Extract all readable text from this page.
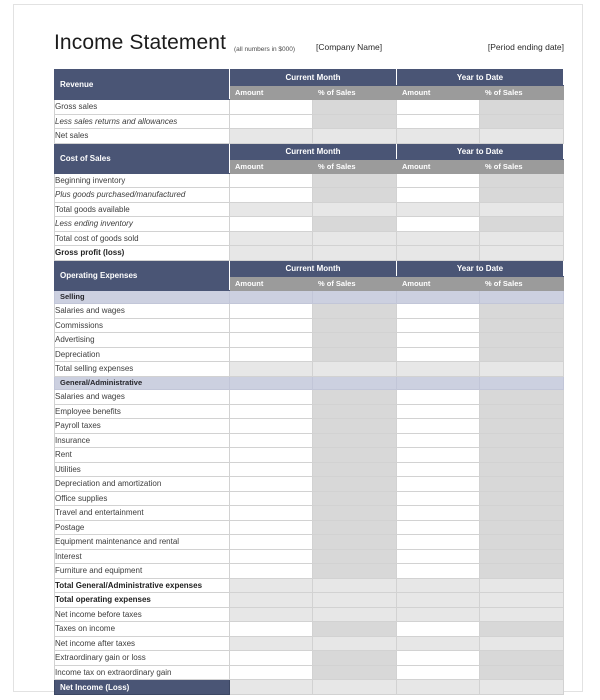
Income Statement (all numbers in $000) [Company Name]	[Period ending date]
Revenue	Current Month		Year to Date	
	Amount	% of Sales	Amount	% of Sales
Gross sales				
Less sales returns and allowances				
Net sales				
Cost of Sales	Current Month		Year to Date	
	Amount	% of Sales	Amount	% of Sales
Beginning inventory				
Plus goods purchased/manufactured				
Total goods available				
Less ending inventory				
Total cost of goods sold				
Gross profit (loss)				
Operating Expenses	Current Month		Year to Date	
	Amount	% of Sales	Amount	% of Sales
Selling				
Salaries and wages				
Commissions				
Advertising				
Depreciation				
Total selling expenses				
General/Administrative				
Salaries and wages				
Employee benefits				
Payroll taxes				
Insurance				
Rent				
Utilities				
Depreciation and amortization				
Office supplies				
Travel and entertainment				
Postage				
Equipment maintenance and rental				
Interest				
Furniture and equipment				
Total General/Administrative expenses				
Total operating expenses				
Net income before taxes				
Taxes on income				
Net income after taxes				
Extraordinary gain or loss				
Income tax on extraordinary gain				
Net Income (Loss)				
